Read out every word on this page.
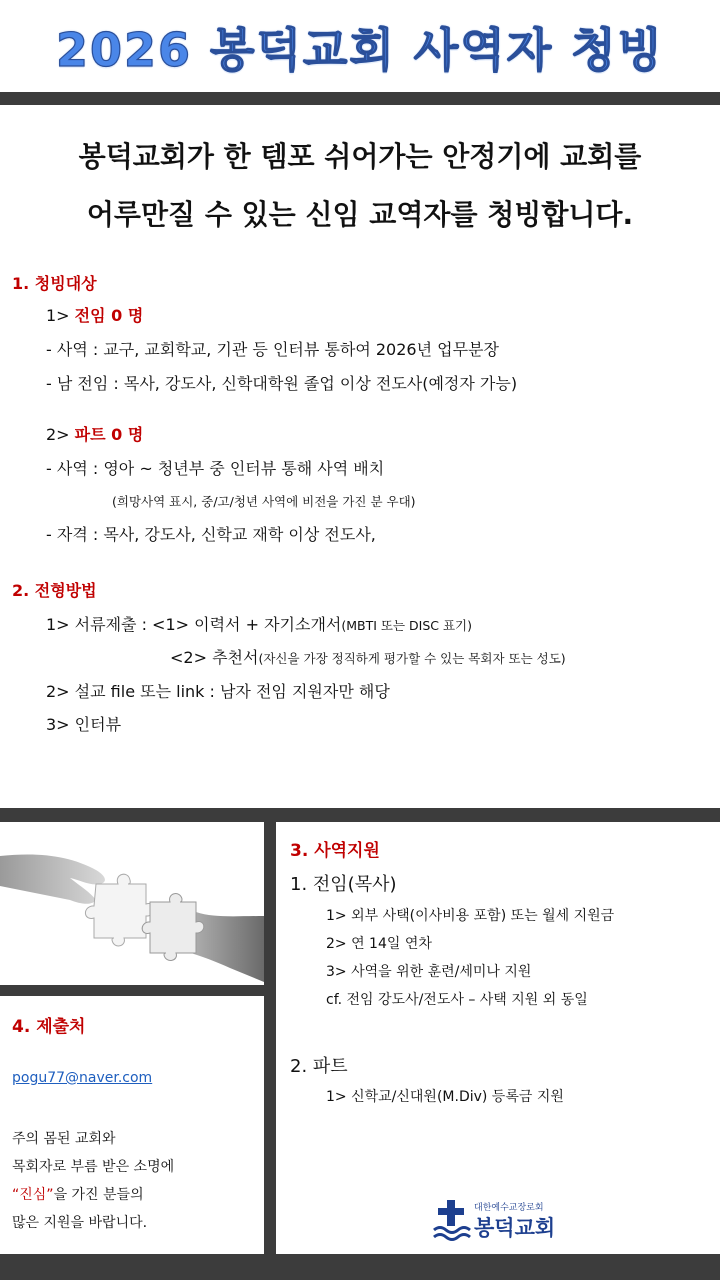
2026 봉덕교회 사역자 청빙
봉덕교회가 한 템포 쉬어가는 안정기에 교회를
어루만질 수 있는 신임 교역자를 청빙합니다.
1. 청빙대상
1> 전임 0 명
- 사역 : 교구, 교회학교, 기관 등 인터뷰 통하여 2026년 업무분장
- 남 전임 : 목사, 강도사, 신학대학원 졸업 이상 전도사(예정자 가능)
2> 파트 0 명
- 사역 : 영아 ~ 청년부 중 인터뷰 통해 사역 배치
(희망사역 표시, 중/고/청년 사역에 비전을 가진 분 우대)
- 자격 : 목사, 강도사, 신학교 재학 이상 전도사,
2. 전형방법
1> 서류제출 : <1> 이력서 + 자기소개서(MBTI 또는 DISC 표기)
<2> 추천서(자신을 가장 정직하게 평가할 수 있는 목회자 또는 성도)
2> 설교 file 또는 link : 남자 전임 지원자만 해당
3> 인터뷰
4. 제출처
pogu77@naver.com
주의 몸된 교회와
목회자로 부름 받은 소명에
“진심”을 가진 분들의
많은 지원을 바랍니다.
3. 사역지원
1. 전임(목사)
1> 외부 사택(이사비용 포함) 또는 월세 지원금
2> 연 14일 연차
3> 사역을 위한 훈련/세미나 지원
cf. 전임 강도사/전도사 – 사택 지원 외 동일
2. 파트
1> 신학교/신대원(M.Div) 등록금 지원
대한예수교장로회
봉덕교회
